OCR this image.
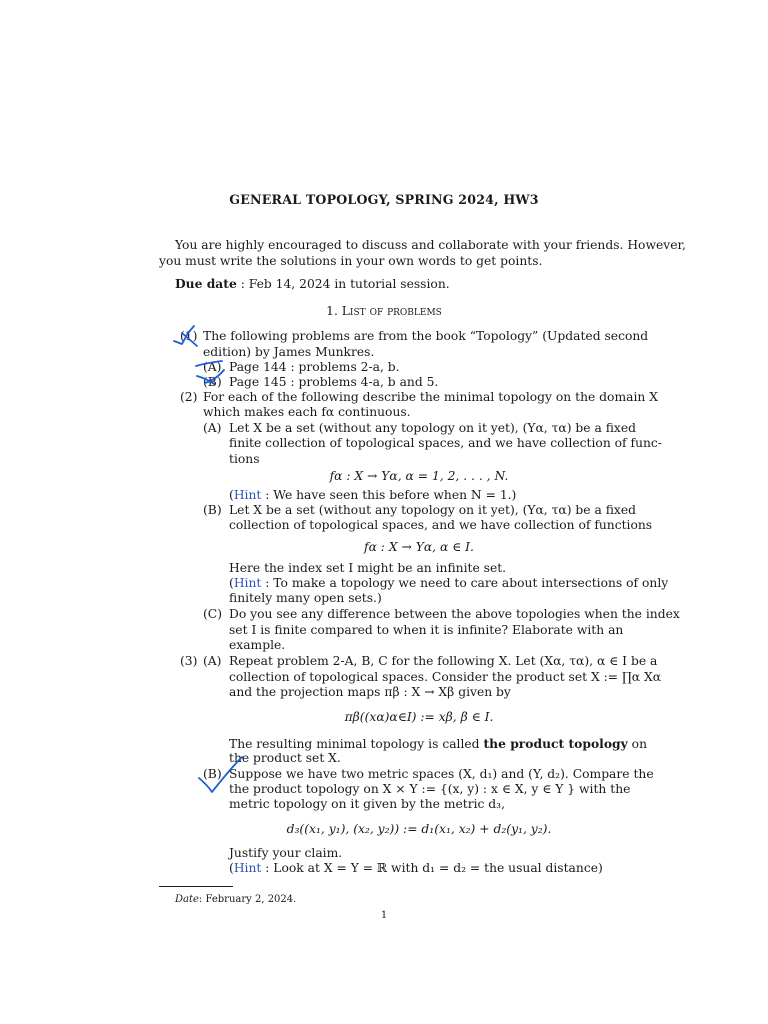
GENERAL TOPOLOGY, SPRING 2024, HW3
You are highly encouraged to discuss and collaborate with your friends. However,
you must write the solutions in your own words to get points.
Due date : Feb 14, 2024 in tutorial session.
1. List of problems
(1) The following problems are from the book “Topology” (Updated second
edition) by James Munkres.
(A) Page 144 : problems 2-a, b.
(B) Page 145 : problems 4-a, b and 5.
(2) For each of the following describe the minimal topology on the domain X
which makes each fα continuous.
(A) Let X be a set (without any topology on it yet), (Yα, τα) be a fixed
finite collection of topological spaces, and we have collection of func-
tions
fα : X → Yα, α = 1, 2, . . . , N.
(Hint : We have seen this before when N = 1.)
(B) Let X be a set (without any topology on it yet), (Yα, τα) be a fixed
collection of topological spaces, and we have collection of functions
fα : X → Yα, α ∈ I.
Here the index set I might be an infinite set.
(Hint : To make a topology we need to care about intersections of only
finitely many open sets.)
(C) Do you see any difference between the above topologies when the index
set I is finite compared to when it is infinite? Elaborate with an
example.
(3) (A) Repeat problem 2-A, B, C for the following X. Let (Xα, τα), α ∈ I be a
collection of topological spaces. Consider the product set X := ∏α Xα
and the projection maps πβ : X → Xβ given by
πβ((xα)α∈I) := xβ, β ∈ I.
The resulting minimal topology is called the product topology on
the product set X.
(B) Suppose we have two metric spaces (X, d₁) and (Y, d₂). Compare the
the product topology on X × Y := {(x, y) : x ∈ X, y ∈ Y } with the
metric topology on it given by the metric d₃,
d₃((x₁, y₁), (x₂, y₂)) := d₁(x₁, x₂) + d₂(y₁, y₂).
Justify your claim.
(Hint : Look at X = Y = ℝ with d₁ = d₂ = the usual distance)
Date: February 2, 2024.
1
